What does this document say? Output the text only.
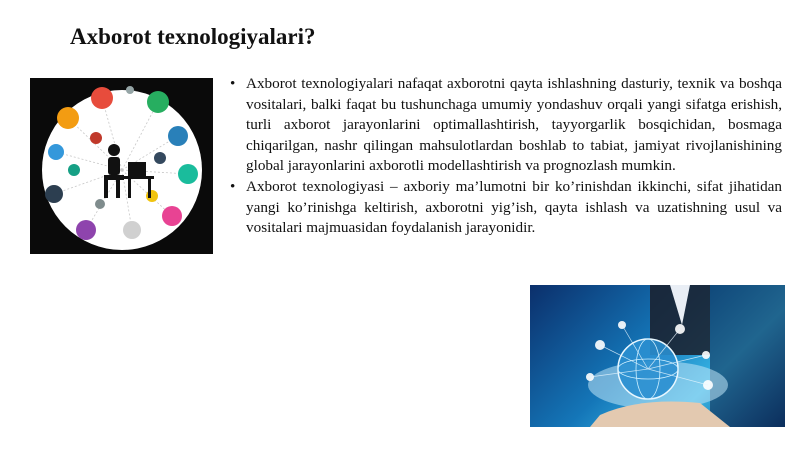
Axborot texnologiyalari?
• Axborot texnologiyalari nafaqat axborotni qayta ishlashning dasturiy, texnik va boshqa vositalari, balki faqat bu tushunchaga umumiy yondashuv orqali yangi sifatga erishish, turli axborot jarayonlarini optimallashtirish, tayyorgarlik bosqichidan, bosmaga chiqarilgan, nashr qilingan mahsulotlardan boshlab to tabiat, jamiyat rivojlanishining global jarayonlarini axborotli modellashtirish va prognozlash mumkin.
• Axborot texnologiyasi – axboriy ma’lumotni bir ko’rinishdan ikkinchi, sifat jihatidan yangi ko’rinishga keltirish, axborotni yig’ish, qayta ishlash va uzatishning usul va vositalari majmuasidan foydalanish jarayonidir.
